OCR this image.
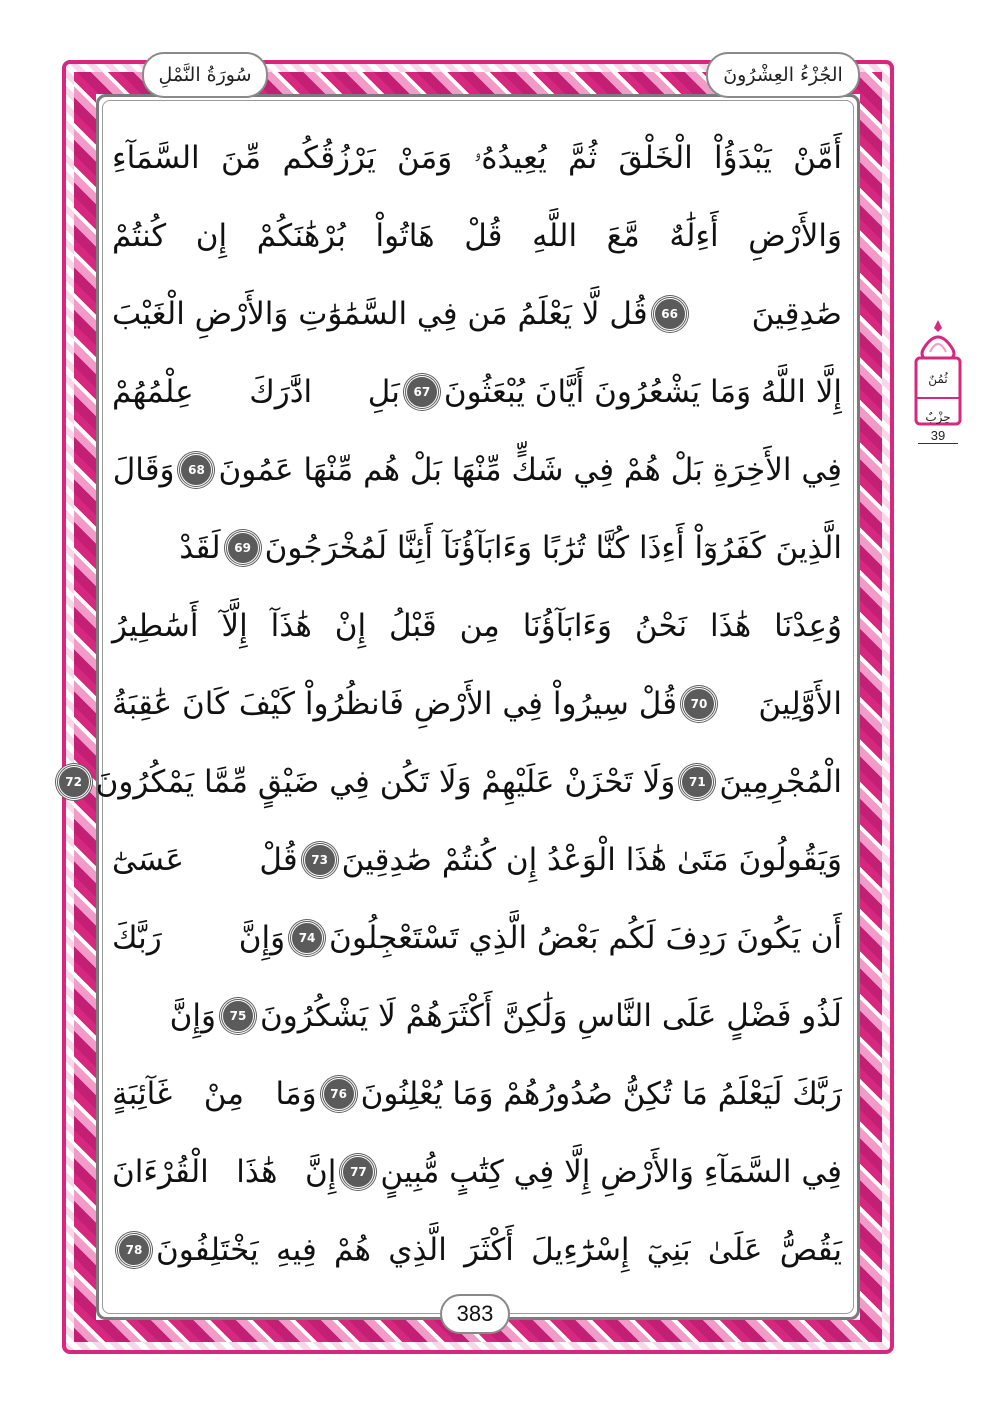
الجُزْءُ العِشْرُونَ
سُورَةُ النَّمْلِ
أَمَّنْ يَبْدَؤُاْ الْخَلْقَ ثُمَّ يُعِيدُهُۥ وَمَنْ يَرْزُقُكُم مِّنَ السَّمَآءِ
وَالأَرْضِ أَءِلَٰهٌ مَّعَ اللَّهِ قُلْ هَاتُواْ بُرْهَٰنَكُمْ إِن كُنتُمْ
صَٰدِقِينَ
66
قُل لَّا يَعْلَمُ مَن فِي السَّمَٰوَٰتِ وَالأَرْضِ الْغَيْبَ
إِلَّا اللَّهُ وَمَا يَشْعُرُونَ أَيَّانَ يُبْعَثُونَ
67
بَلِ ادَّٰرَكَ عِلْمُهُمْ
فِي الأَخِرَةِ بَلْ هُمْ فِي شَكٍّ مِّنْهَا بَلْ هُم مِّنْهَا عَمُونَ
68
وَقَالَ
الَّذِينَ كَفَرُوٓاْ أَءِذَا كُنَّا تُرَٰبًا وَءَابَآؤُنَآ أَئِنَّا لَمُخْرَجُونَ
69
لَقَدْ
وُعِدْنَا هَٰذَا نَحْنُ وَءَابَآؤُنَا مِن قَبْلُ إِنْ هَٰذَآ إِلَّآ أَسَٰطِيرُ
الأَوَّلِينَ
70
قُلْ سِيرُواْ فِي الأَرْضِ فَانظُرُواْ كَيْفَ كَانَ عَٰقِبَةُ
الْمُجْرِمِينَ
71
وَلَا تَحْزَنْ عَلَيْهِمْ وَلَا تَكُن فِي ضَيْقٍ مِّمَّا يَمْكُرُونَ
72
وَيَقُولُونَ مَتَىٰ هَٰذَا الْوَعْدُ إِن كُنتُمْ صَٰدِقِينَ
73
قُلْ عَسَىٰٓ
أَن يَكُونَ رَدِفَ لَكُم بَعْضُ الَّذِي تَسْتَعْجِلُونَ
74
وَإِنَّ رَبَّكَ
لَذُو فَضْلٍ عَلَى النَّاسِ وَلَٰكِنَّ أَكْثَرَهُمْ لَا يَشْكُرُونَ
75
وَإِنَّ
رَبَّكَ لَيَعْلَمُ مَا تُكِنُّ صُدُورُهُمْ وَمَا يُعْلِنُونَ
76
وَمَا مِنْ غَآئِبَةٍ
فِي السَّمَآءِ وَالأَرْضِ إِلَّا فِي كِتَٰبٍ مُّبِينٍ
77
إِنَّ هَٰذَا الْقُرْءَانَ
يَقُصُّ عَلَىٰ بَنِيٓ إِسْرَٰٓءِيلَ أَكْثَرَ الَّذِي هُمْ فِيهِ يَخْتَلِفُونَ
78
383
ثُمُنٌ
حِزْبٌ
39
